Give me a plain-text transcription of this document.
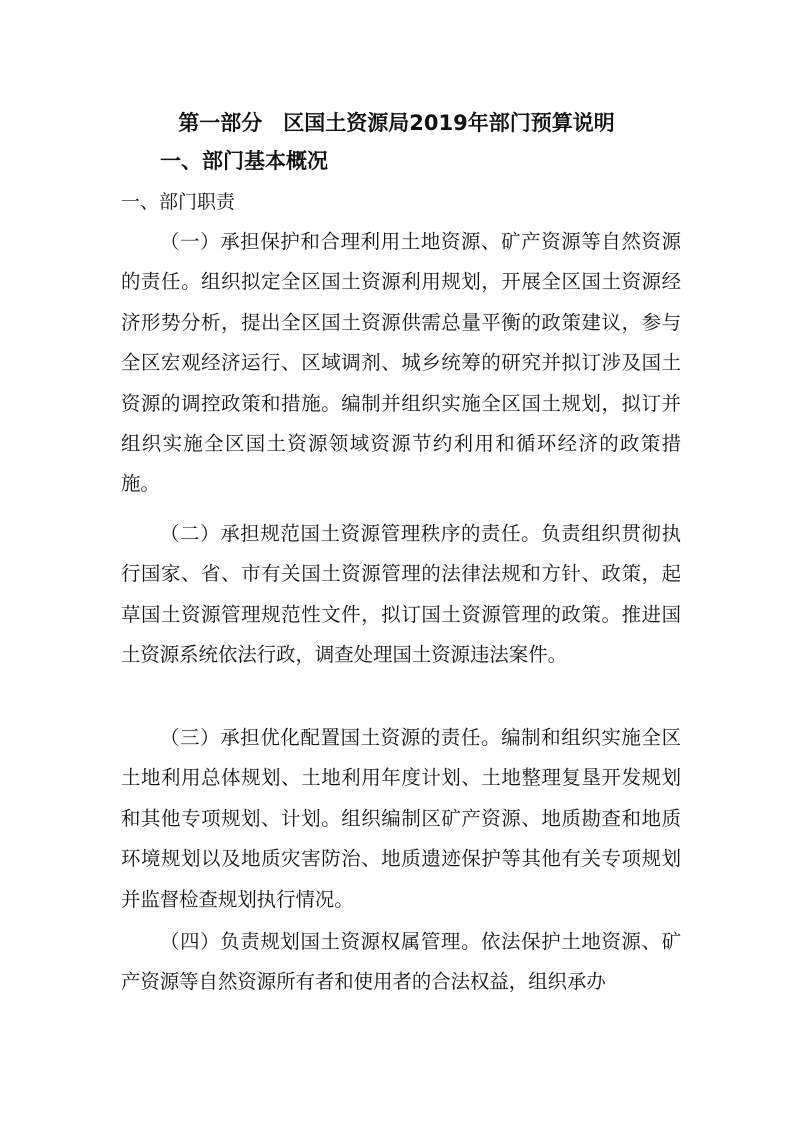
第一部分　区国土资源局2019年部门预算说明
一、部门基本概况
一、部门职责
（一）承担保护和合理利用土地资源、矿产资源等自然资源的责任。组织拟定全区国土资源利用规划，开展全区国土资源经济形势分析，提出全区国土资源供需总量平衡的政策建议，参与全区宏观经济运行、区域调剂、城乡统筹的研究并拟订涉及国土资源的调控政策和措施。编制并组织实施全区国土规划，拟订并组织实施全区国土资源领域资源节约利用和循环经济的政策措施。
（二）承担规范国土资源管理秩序的责任。负责组织贯彻执行国家、省、市有关国土资源管理的法律法规和方针、政策，起草国土资源管理规范性文件，拟订国土资源管理的政策。推进国土资源系统依法行政，调查处理国土资源违法案件。
（三）承担优化配置国土资源的责任。编制和组织实施全区土地利用总体规划、土地利用年度计划、土地整理复垦开发规划和其他专项规划、计划。组织编制区矿产资源、地质勘查和地质环境规划以及地质灾害防治、地质遗迹保护等其他有关专项规划并监督检查规划执行情况。
（四）负责规划国土资源权属管理。依法保护土地资源、矿产资源等自然资源所有者和使用者的合法权益，组织承办
